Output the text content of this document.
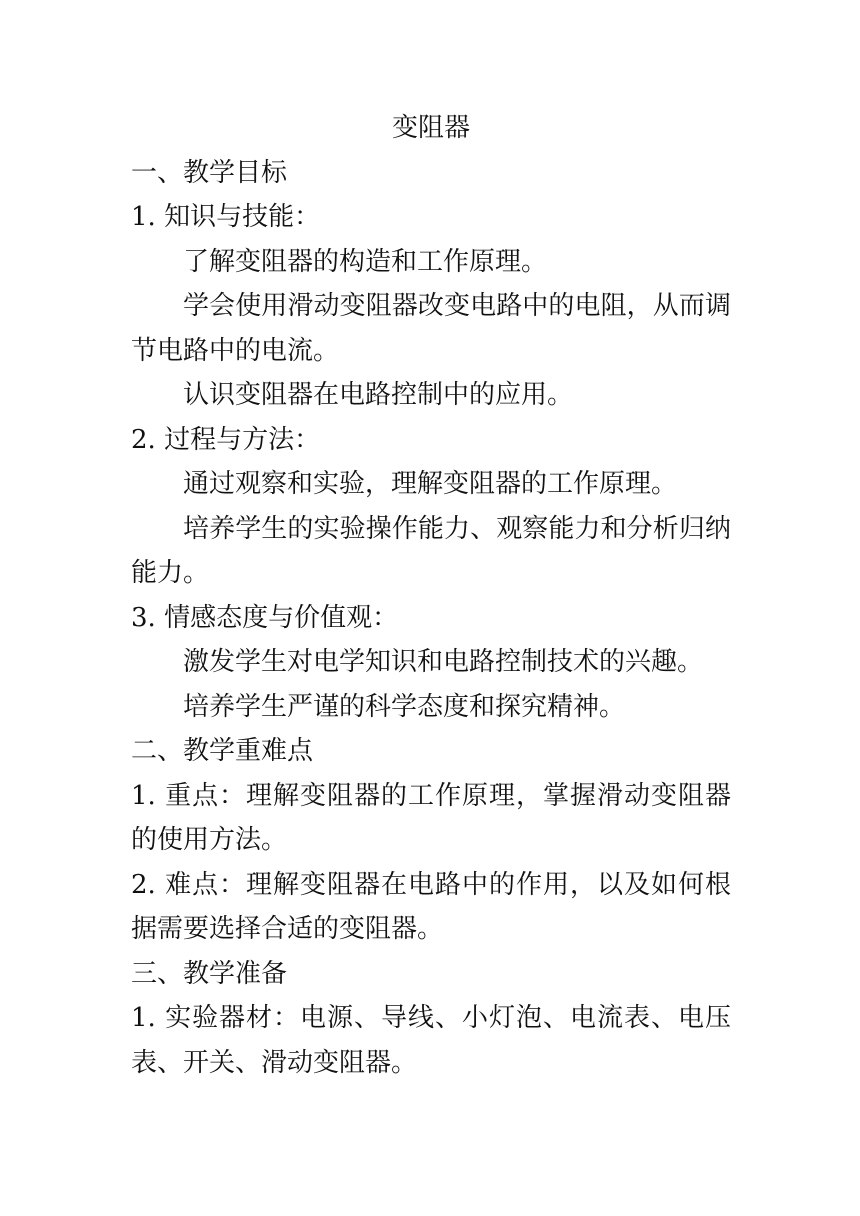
变阻器

一、教学目标

1. 知识与技能：

了解变阻器的构造和工作原理。

学会使用滑动变阻器改变电路中的电阻，从而调节电路中的电流。

认识变阻器在电路控制中的应用。

2. 过程与方法：

通过观察和实验，理解变阻器的工作原理。

培养学生的实验操作能力、观察能力和分析归纳能力。

3. 情感态度与价值观：

激发学生对电学知识和电路控制技术的兴趣。

培养学生严谨的科学态度和探究精神。

二、教学重难点

1. 重点：理解变阻器的工作原理，掌握滑动变阻器的使用方法。

2. 难点：理解变阻器在电路中的作用，以及如何根据需要选择合适的变阻器。

三、教学准备

1. 实验器材：电源、导线、小灯泡、电流表、电压表、开关、滑动变阻器。
